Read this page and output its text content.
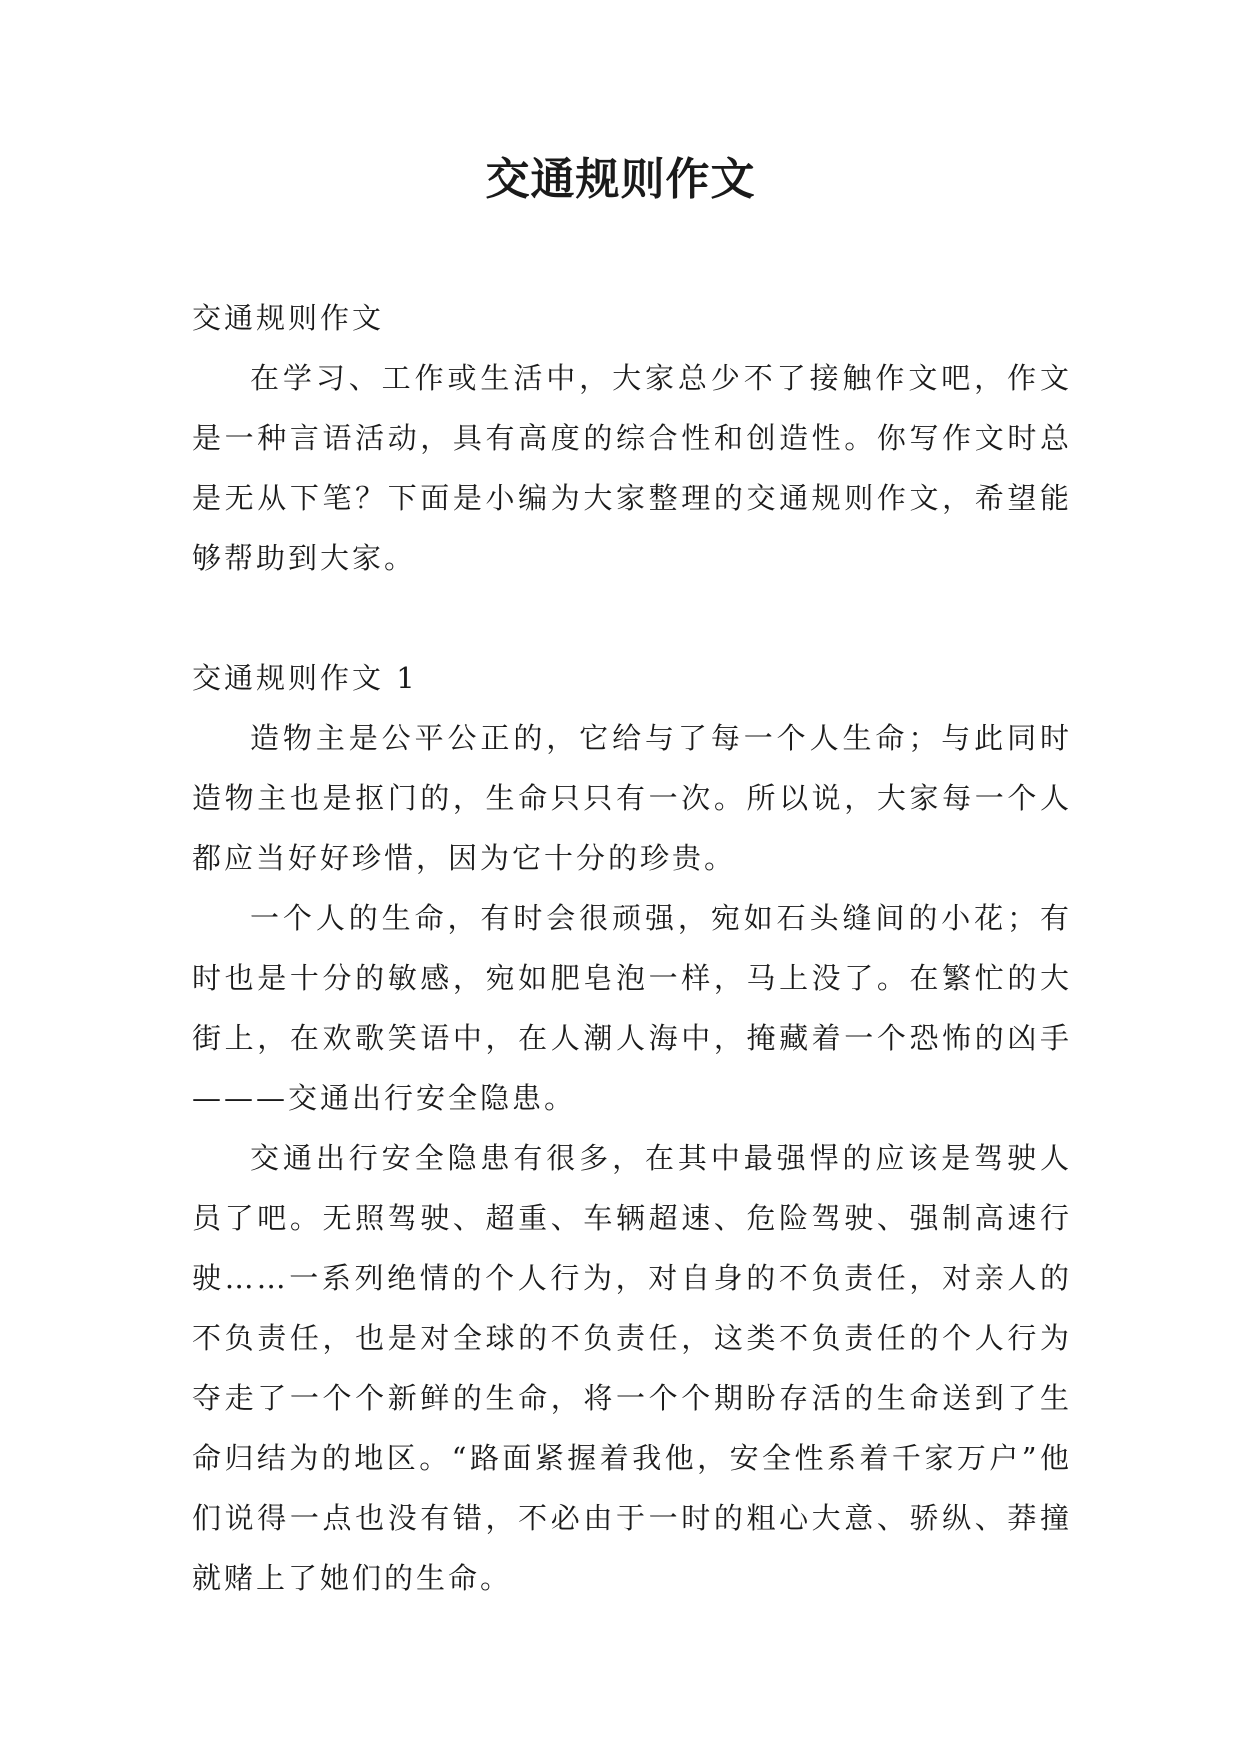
交通规则作文
交通规则作文

在学习、工作或生活中，大家总少不了接触作文吧，作文是一种言语活动，具有高度的综合性和创造性。你写作文时总是无从下笔？下面是小编为大家整理的交通规则作文，希望能够帮助到大家。

交通规则作文 1

造物主是公平公正的，它给与了每一个人生命；与此同时造物主也是抠门的，生命只只有一次。所以说，大家每一个人都应当好好珍惜，因为它十分的珍贵。

一个人的生命，有时会很顽强，宛如石头缝间的小花；有时也是十分的敏感，宛如肥皂泡一样，马上没了。在繁忙的大街上，在欢歌笑语中，在人潮人海中，掩藏着一个恐怖的凶手———交通出行安全隐患。

交通出行安全隐患有很多，在其中最强悍的应该是驾驶人员了吧。无照驾驶、超重、车辆超速、危险驾驶、强制高速行驶……一系列绝情的个人行为，对自身的不负责任，对亲人的不负责任，也是对全球的不负责任，这类不负责任的个人行为夺走了一个个新鲜的生命，将一个个期盼存活的生命送到了生命归结为的地区。“路面紧握着我他，安全性系着千家万户”他们说得一点也没有错，不必由于一时的粗心大意、骄纵、莽撞就赌上了她们的生命。
